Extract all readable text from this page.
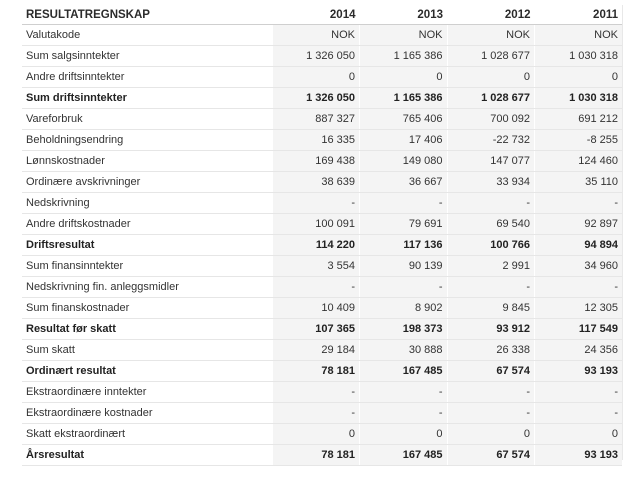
RESULTATREGNSKAP	2014	2013	2012	2011
Valutakode	NOK	NOK	NOK	NOK
Sum salgsinntekter	1 326 050	1 165 386	1 028 677	1 030 318
Andre driftsinntekter	0	0	0	0
Sum driftsinntekter	1 326 050	1 165 386	1 028 677	1 030 318
Vareforbruk	887 327	765 406	700 092	691 212
Beholdningsendring	16 335	17 406	-22 732	-8 255
Lønnskostnader	169 438	149 080	147 077	124 460
Ordinære avskrivninger	38 639	36 667	33 934	35 110
Nedskrivning	-	-	-	-
Andre driftskostnader	100 091	79 691	69 540	92 897
Driftsresultat	114 220	117 136	100 766	94 894
Sum finansinntekter	3 554	90 139	2 991	34 960
Nedskrivning fin. anleggsmidler	-	-	-	-
Sum finanskostnader	10 409	8 902	9 845	12 305
Resultat før skatt	107 365	198 373	93 912	117 549
Sum skatt	29 184	30 888	26 338	24 356
Ordinært resultat	78 181	167 485	67 574	93 193
Ekstraordinære inntekter	-	-	-	-
Ekstraordinære kostnader	-	-	-	-
Skatt ekstraordinært	0	0	0	0
Årsresultat	78 181	167 485	67 574	93 193
